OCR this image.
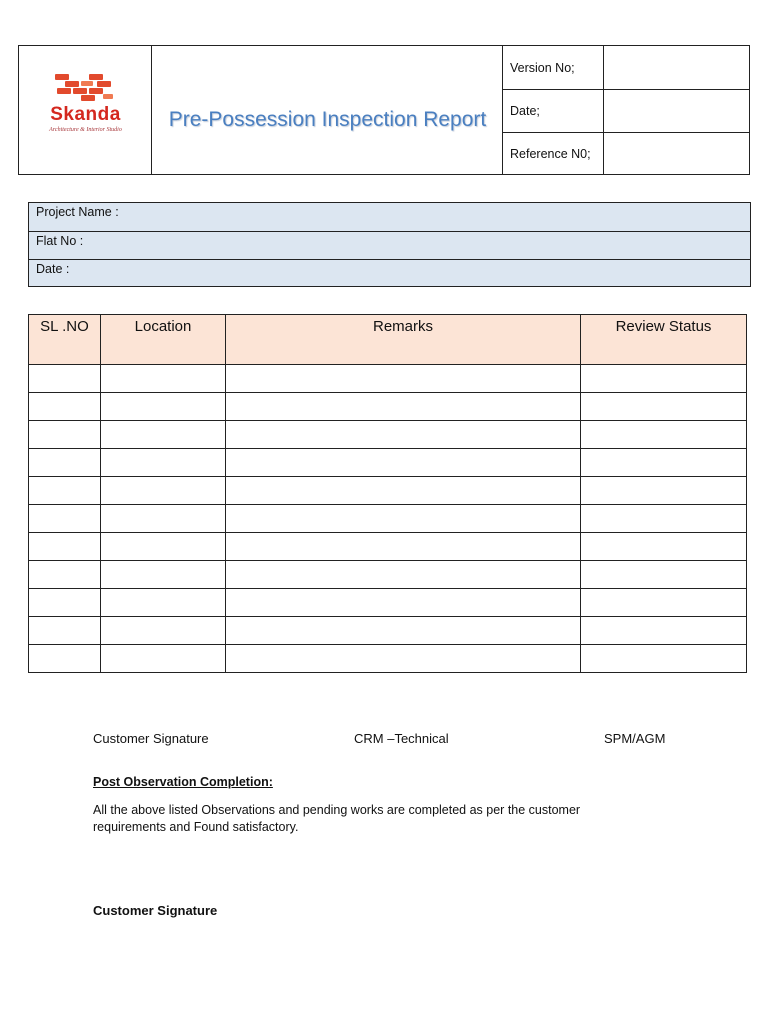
Skanda
Architecture & Interior Studio	Pre-Possession Inspection Report
Version No;
Date;
Reference N0;
Project Name :
Flat No :
Date :
SL .NO	Location	Remarks	Review Status

Customer Signature	CRM –Technical	SPM/AGM
Post Observation Completion:
All the above listed Observations and pending works are completed as per the customer requirements and Found satisfactory.
Customer Signature
